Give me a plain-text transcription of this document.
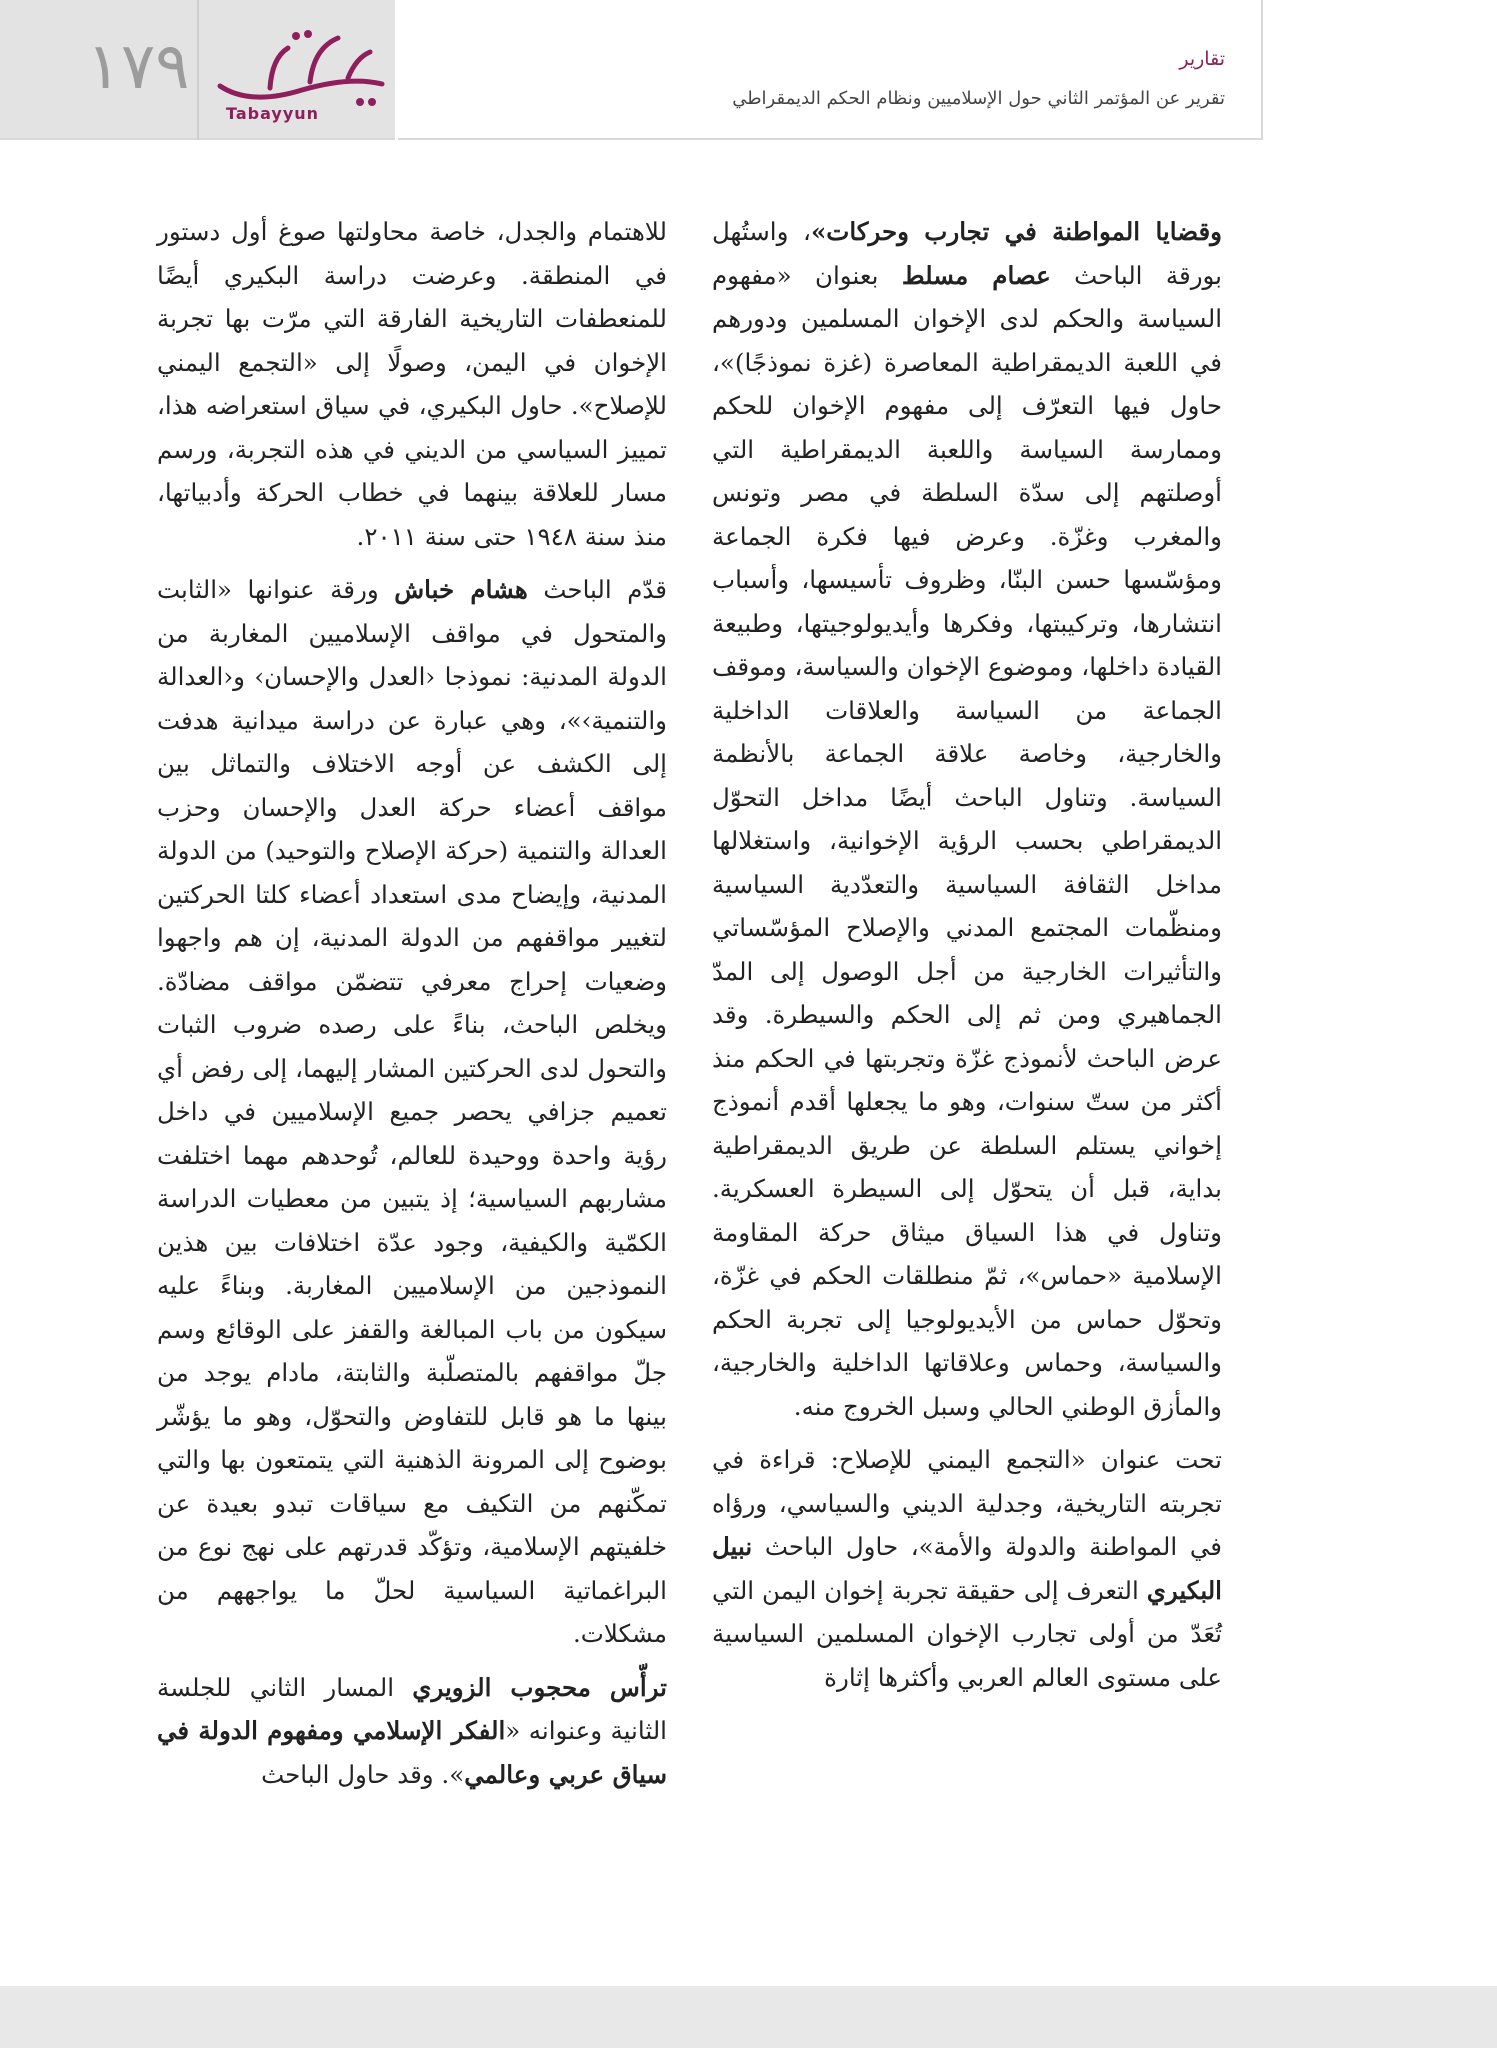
تقارير
تقرير عن المؤتمر الثاني حول الإسلاميين ونظام الحكم الديمقراطي
١٧٩
Tabayyun

وقضايا المواطنة في تجارب وحركات»، واستُهل بورقة الباحث عصام مسلط بعنوان «مفهوم السياسة والحكم لدى الإخوان المسلمين ودورهم في اللعبة الديمقراطية المعاصرة (غزة نموذجًا)»، حاول فيها التعرّف إلى مفهوم الإخوان للحكم وممارسة السياسة واللعبة الديمقراطية التي أوصلتهم إلى سدّة السلطة في مصر وتونس والمغرب وغزّة. وعرض فيها فكرة الجماعة ومؤسّسها حسن البنّا، وظروف تأسيسها، وأسباب انتشارها، وتركيبتها، وفكرها وأيديولوجيتها، وطبيعة القيادة داخلها، وموضوع الإخوان والسياسة، وموقف الجماعة من السياسة والعلاقات الداخلية والخارجية، وخاصة علاقة الجماعة بالأنظمة السياسة. وتناول الباحث أيضًا مداخل التحوّل الديمقراطي بحسب الرؤية الإخوانية، واستغلالها مداخل الثقافة السياسية والتعدّدية السياسية ومنظّمات المجتمع المدني والإصلاح المؤسّساتي والتأثيرات الخارجية من أجل الوصول إلى المدّ الجماهيري ومن ثم إلى الحكم والسيطرة. وقد عرض الباحث لأنموذج غزّة وتجربتها في الحكم منذ أكثر من ستّ سنوات، وهو ما يجعلها أقدم أنموذج إخواني يستلم السلطة عن طريق الديمقراطية بداية، قبل أن يتحوّل إلى السيطرة العسكرية. وتناول في هذا السياق ميثاق حركة المقاومة الإسلامية «حماس»، ثمّ منطلقات الحكم في غزّة، وتحوّل حماس من الأيديولوجيا إلى تجربة الحكم والسياسة، وحماس وعلاقاتها الداخلية والخارجية، والمأزق الوطني الحالي وسبل الخروج منه.

تحت عنوان «التجمع اليمني للإصلاح: قراءة في تجربته التاريخية، وجدلية الديني والسياسي، ورؤاه في المواطنة والدولة والأمة»، حاول الباحث نبيل البكيري التعرف إلى حقيقة تجربة إخوان اليمن التي تُعَدّ من أولى تجارب الإخوان المسلمين السياسية على مستوى العالم العربي وأكثرها إثارة

للاهتمام والجدل، خاصة محاولتها صوغ أول دستور في المنطقة. وعرضت دراسة البكيري أيضًا للمنعطفات التاريخية الفارقة التي مرّت بها تجربة الإخوان في اليمن، وصولًا إلى «التجمع اليمني للإصلاح». حاول البكيري، في سياق استعراضه هذا، تمييز السياسي من الديني في هذه التجربة، ورسم مسار للعلاقة بينهما في خطاب الحركة وأدبياتها، منذ سنة ١٩٤٨ حتى سنة ٢٠١١.

قدّم الباحث هشام خباش ورقة عنوانها «الثابت والمتحول في مواقف الإسلاميين المغاربة من الدولة المدنية: نموذجا ‹العدل والإحسان› و‹العدالة والتنمية›»، وهي عبارة عن دراسة ميدانية هدفت إلى الكشف عن أوجه الاختلاف والتماثل بين مواقف أعضاء حركة العدل والإحسان وحزب العدالة والتنمية (حركة الإصلاح والتوحيد) من الدولة المدنية، وإيضاح مدى استعداد أعضاء كلتا الحركتين لتغيير مواقفهم من الدولة المدنية، إن هم واجهوا وضعيات إحراج معرفي تتضمّن مواقف مضادّة. ويخلص الباحث، بناءً على رصده ضروب الثبات والتحول لدى الحركتين المشار إليهما، إلى رفض أي تعميم جزافي يحصر جميع الإسلاميين في داخل رؤية واحدة ووحيدة للعالم، تُوحدهم مهما اختلفت مشاربهم السياسية؛ إذ يتبين من معطيات الدراسة الكمّية والكيفية، وجود عدّة اختلافات بين هذين النموذجين من الإسلاميين المغاربة. وبناءً عليه سيكون من باب المبالغة والقفز على الوقائع وسم جلّ مواقفهم بالمتصلّبة والثابتة، مادام يوجد من بينها ما هو قابل للتفاوض والتحوّل، وهو ما يؤشّر بوضوح إلى المرونة الذهنية التي يتمتعون بها والتي تمكّنهم من التكيف مع سياقات تبدو بعيدة عن خلفيتهم الإسلامية، وتؤكّد قدرتهم على نهج نوع من البراغماتية السياسية لحلّ ما يواجههم من مشكلات.

ترأّس محجوب الزويري المسار الثاني للجلسة الثانية وعنوانه «الفكر الإسلامي ومفهوم الدولة في سياق عربي وعالمي». وقد حاول الباحث
